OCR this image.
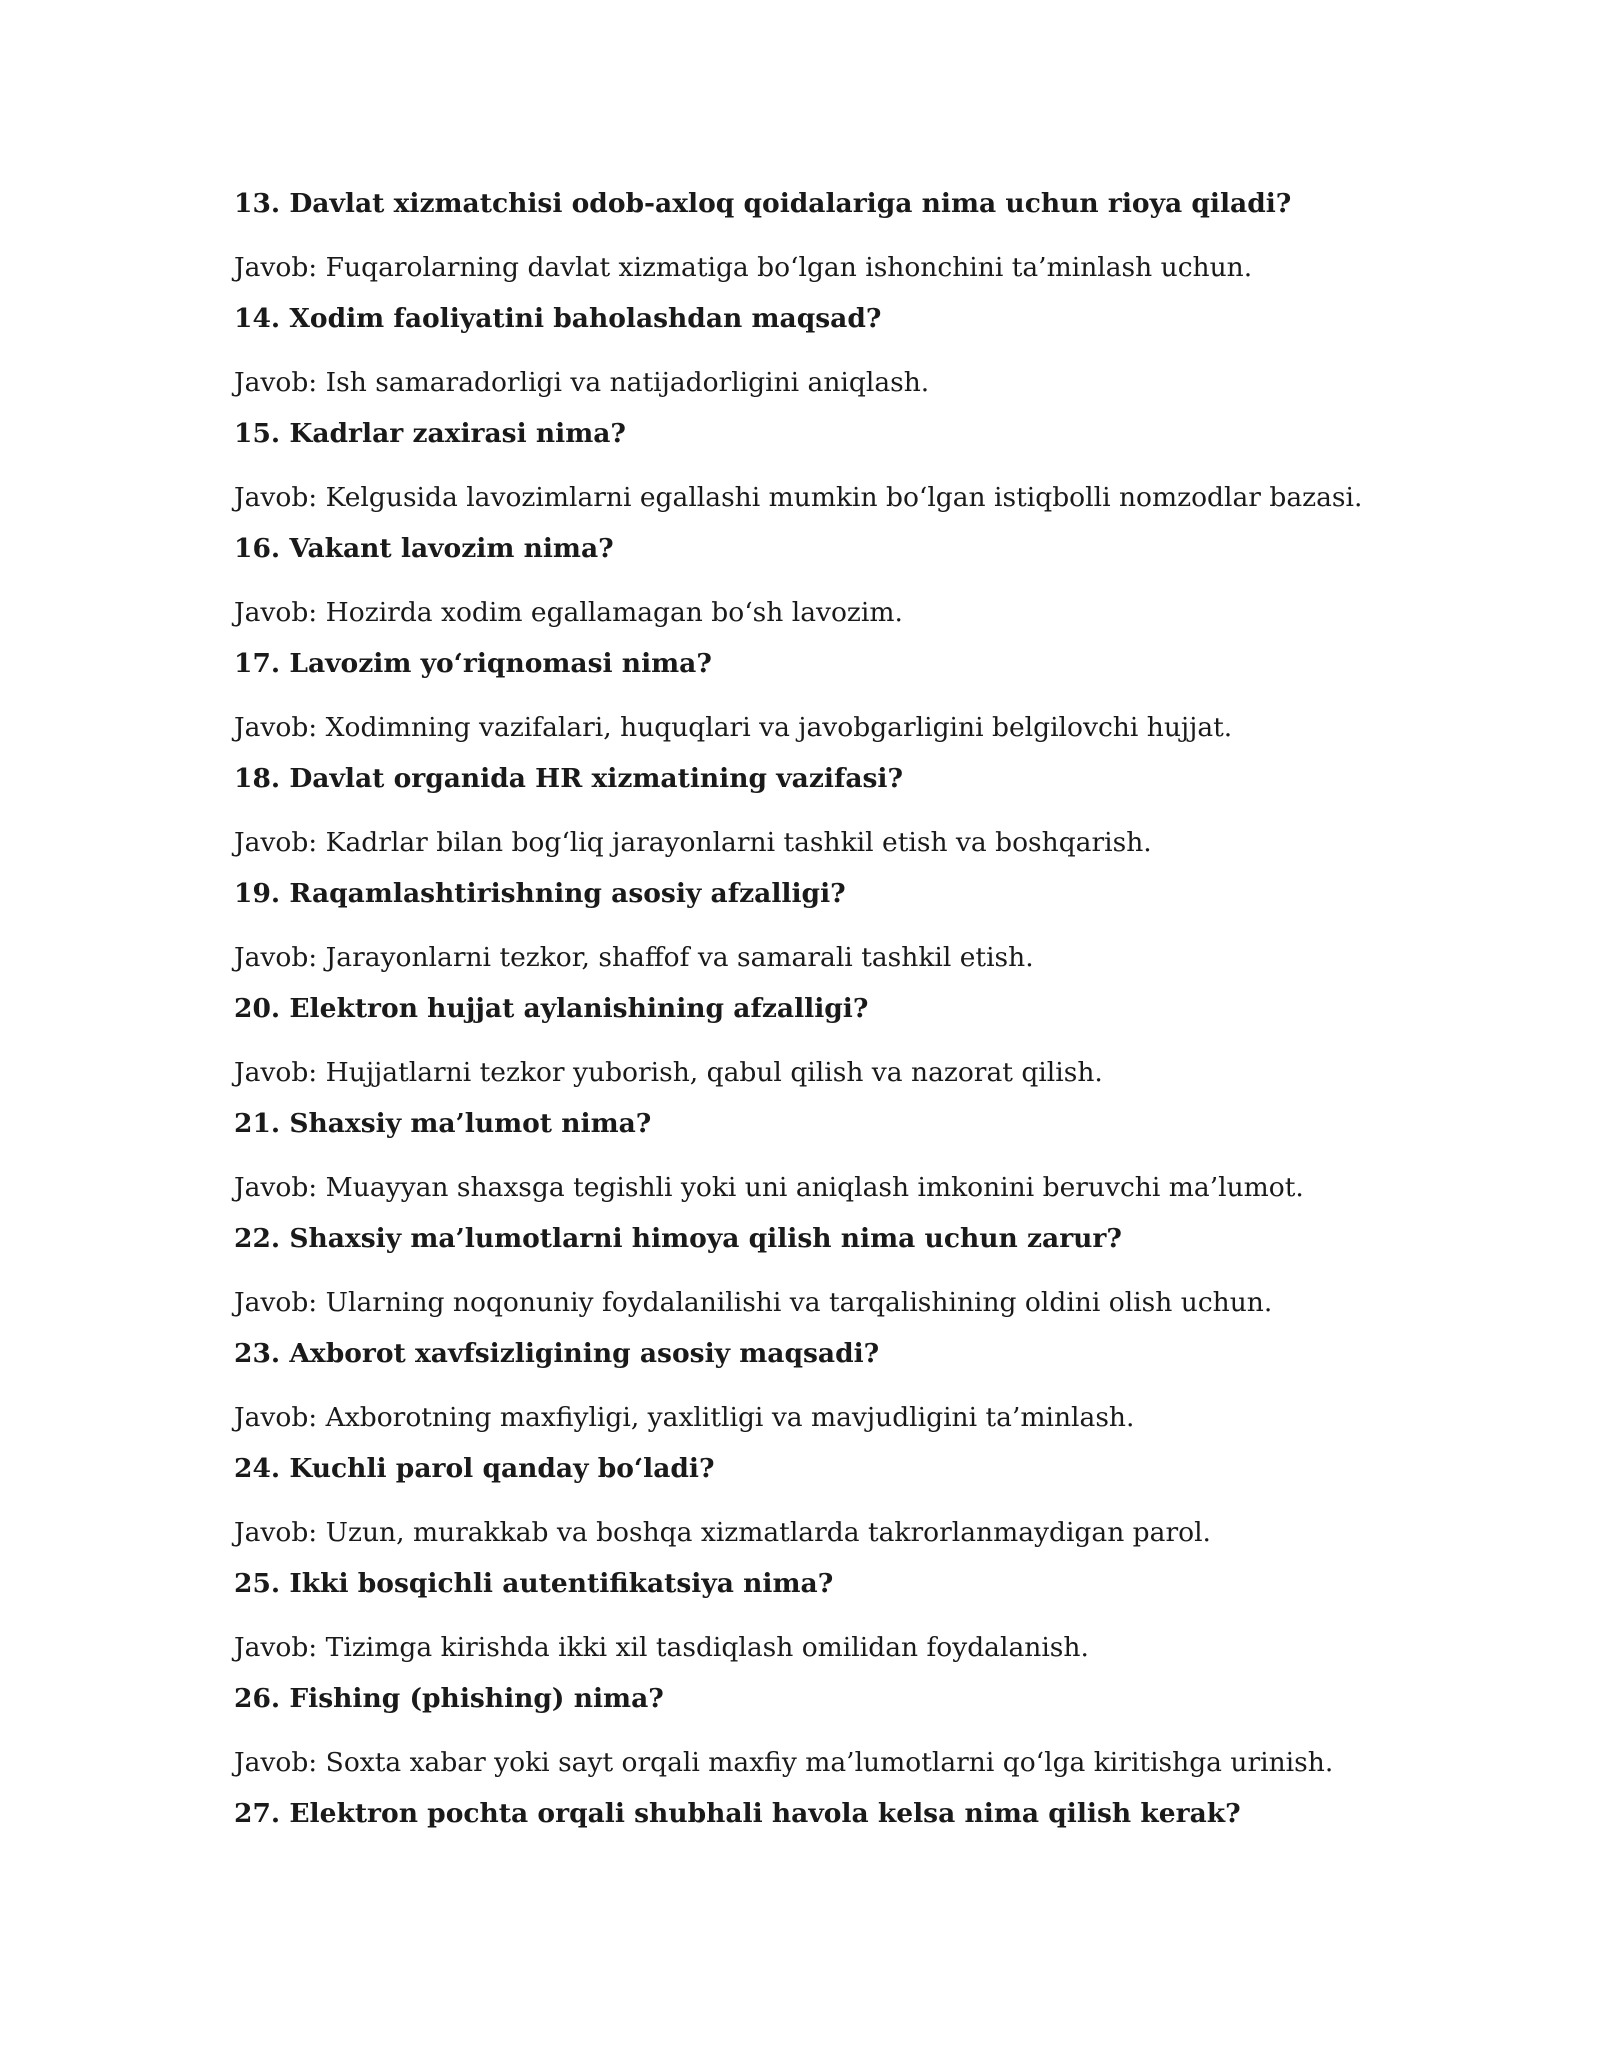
13. Davlat xizmatchisi odob-axloq qoidalariga nima uchun rioya qiladi?
Javob: Fuqarolarning davlat xizmatiga bo‘lgan ishonchini ta’minlash uchun.
14. Xodim faoliyatini baholashdan maqsad?
Javob: Ish samaradorligi va natijadorligini aniqlash.
15. Kadrlar zaxirasi nima?
Javob: Kelgusida lavozimlarni egallashi mumkin bo‘lgan istiqbolli nomzodlar bazasi.
16. Vakant lavozim nima?
Javob: Hozirda xodim egallamagan bo‘sh lavozim.
17. Lavozim yo‘riqnomasi nima?
Javob: Xodimning vazifalari, huquqlari va javobgarligini belgilovchi hujjat.
18. Davlat organida HR xizmatining vazifasi?
Javob: Kadrlar bilan bog‘liq jarayonlarni tashkil etish va boshqarish.
19. Raqamlashtirishning asosiy afzalligi?
Javob: Jarayonlarni tezkor, shaffof va samarali tashkil etish.
20. Elektron hujjat aylanishining afzalligi?
Javob: Hujjatlarni tezkor yuborish, qabul qilish va nazorat qilish.
21. Shaxsiy ma’lumot nima?
Javob: Muayyan shaxsga tegishli yoki uni aniqlash imkonini beruvchi ma’lumot.
22. Shaxsiy ma’lumotlarni himoya qilish nima uchun zarur?
Javob: Ularning noqonuniy foydalanilishi va tarqalishining oldini olish uchun.
23. Axborot xavfsizligining asosiy maqsadi?
Javob: Axborotning maxfiyligi, yaxlitligi va mavjudligini ta’minlash.
24. Kuchli parol qanday bo‘ladi?
Javob: Uzun, murakkab va boshqa xizmatlarda takrorlanmaydigan parol.
25. Ikki bosqichli autentifikatsiya nima?
Javob: Tizimga kirishda ikki xil tasdiqlash omilidan foydalanish.
26. Fishing (phishing) nima?
Javob: Soxta xabar yoki sayt orqali maxfiy ma’lumotlarni qo‘lga kiritishga urinish.
27. Elektron pochta orqali shubhali havola kelsa nima qilish kerak?
